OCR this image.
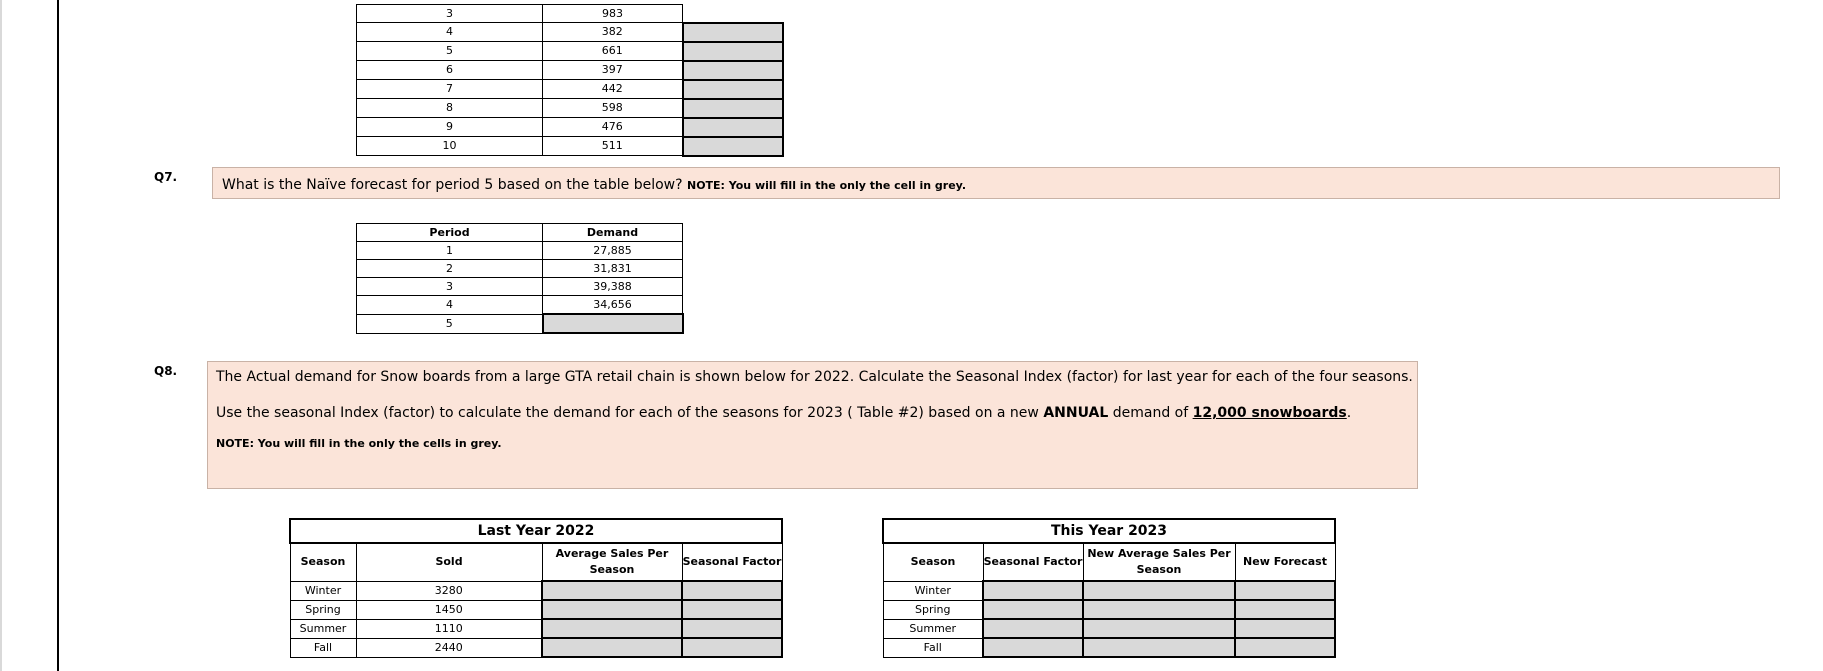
3	983	
4	382	
5	661	
6	397	
7	442	
8	598	
9	476	
10	511	
Q7.	What is the Naïve forecast for period 5 based on the table below? NOTE: You will fill in the only the cell in grey.
Period	Demand
1	27,885
2	31,831
3	39,388
4	34,656
5	
Q8.	The Actual demand for Snow boards from a large GTA retail chain is shown below for 2022. Calculate the Seasonal Index (factor) for last year for each of the four seasons.
Use the seasonal Index (factor) to calculate the demand for each of the seasons for 2023 ( Table #2) based on a new ANNUAL demand of 12,000 snowboards.
NOTE: You will fill in the only the cells in grey.
Last Year 2022			
Season	Sold	Average Sales Per Season	Seasonal Factor
Winter	3280		
Spring	1450		
Summer	1110		
Fall	2440		
This Year 2023			
Season	Seasonal Factor	New Average Sales Per Season	New Forecast
Winter			
Spring			
Summer			
Fall			
